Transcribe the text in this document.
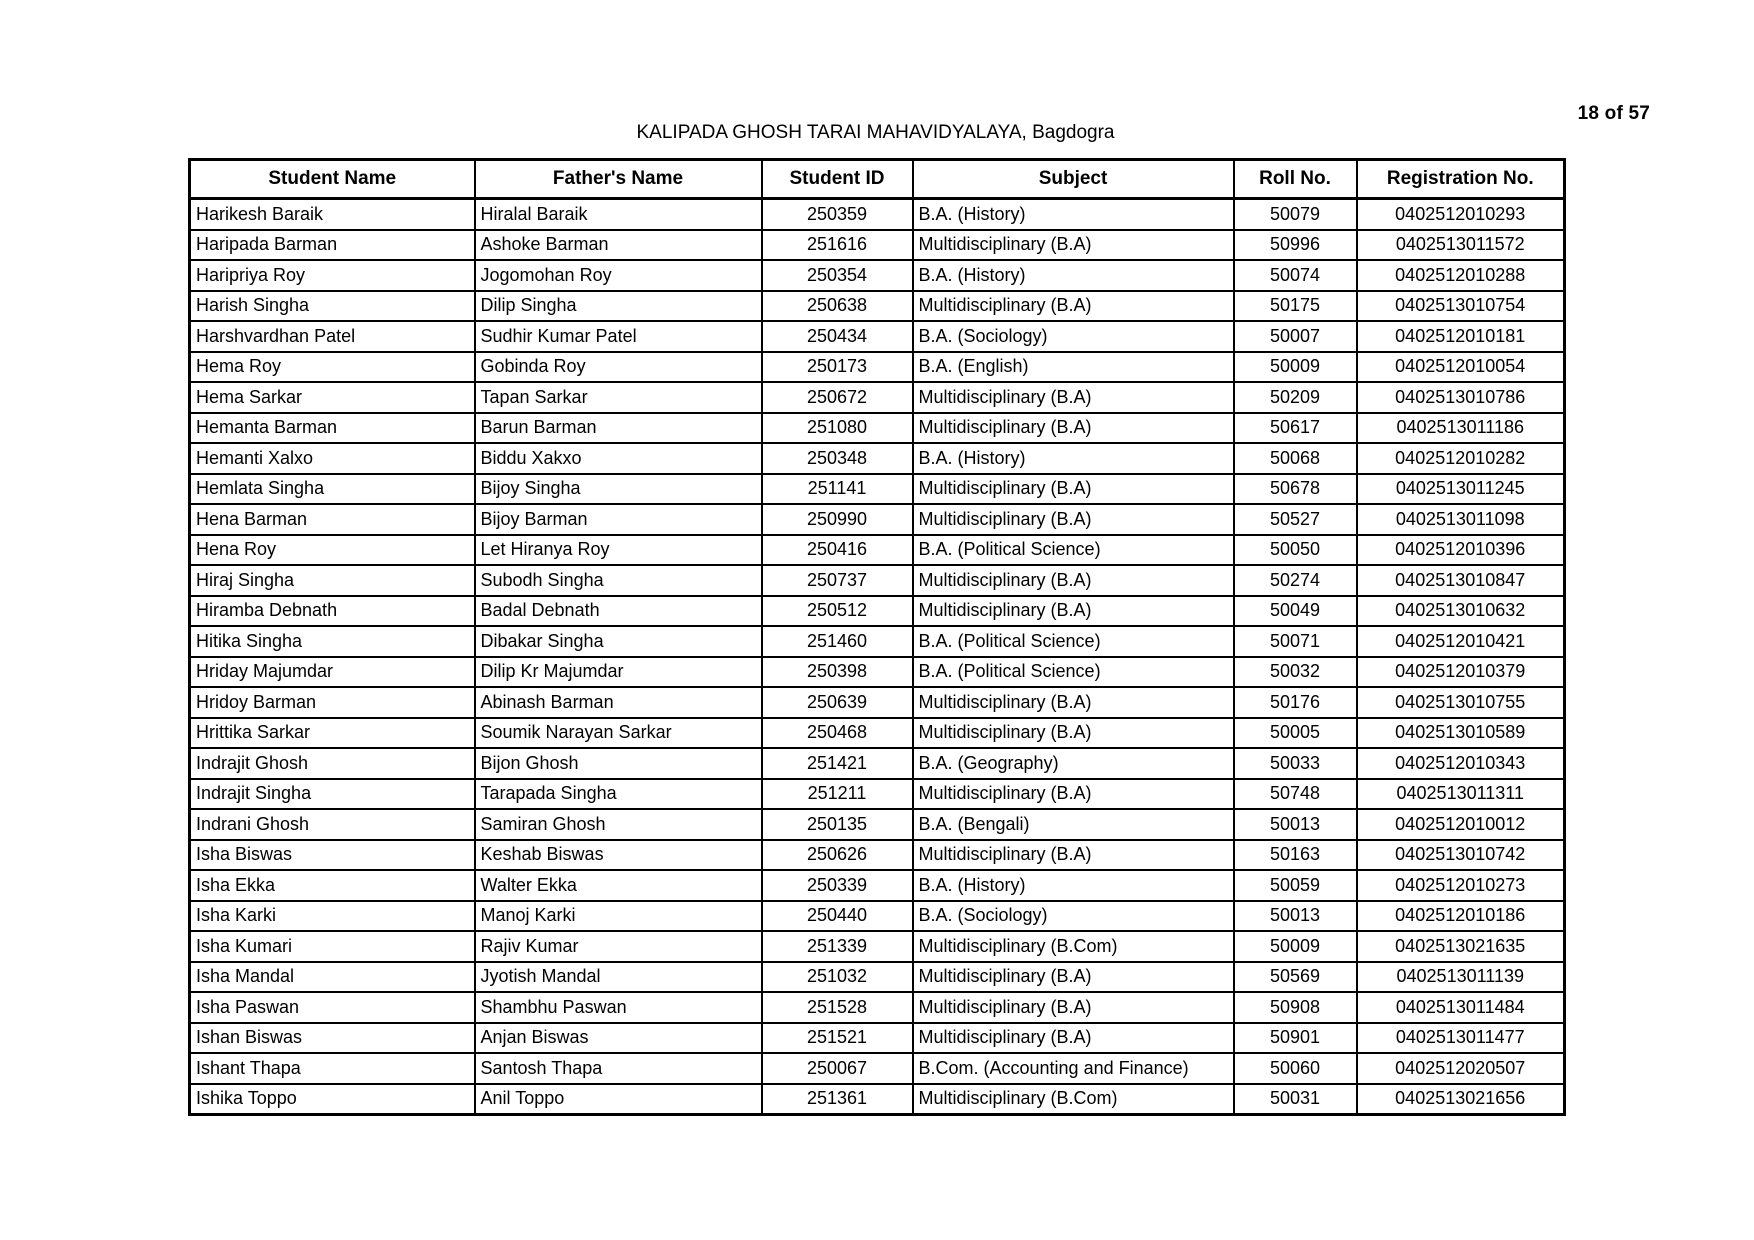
18 of 57
KALIPADA GHOSH TARAI MAHAVIDYALAYA, Bagdogra
Student Name	Father's Name	Student ID	Subject	Roll No.	Registration No.
Harikesh Baraik	Hiralal Baraik	250359	B.A. (History)	50079	0402512010293
Haripada Barman	Ashoke Barman	251616	Multidisciplinary (B.A)	50996	0402513011572
Haripriya Roy	Jogomohan Roy	250354	B.A. (History)	50074	0402512010288
Harish Singha	Dilip Singha	250638	Multidisciplinary (B.A)	50175	0402513010754
Harshvardhan Patel	Sudhir Kumar Patel	250434	B.A. (Sociology)	50007	0402512010181
Hema Roy	Gobinda Roy	250173	B.A. (English)	50009	0402512010054
Hema Sarkar	Tapan Sarkar	250672	Multidisciplinary (B.A)	50209	0402513010786
Hemanta Barman	Barun Barman	251080	Multidisciplinary (B.A)	50617	0402513011186
Hemanti Xalxo	Biddu Xakxo	250348	B.A. (History)	50068	0402512010282
Hemlata Singha	Bijoy Singha	251141	Multidisciplinary (B.A)	50678	0402513011245
Hena Barman	Bijoy Barman	250990	Multidisciplinary (B.A)	50527	0402513011098
Hena Roy	Let Hiranya Roy	250416	B.A. (Political Science)	50050	0402512010396
Hiraj Singha	Subodh Singha	250737	Multidisciplinary (B.A)	50274	0402513010847
Hiramba Debnath	Badal Debnath	250512	Multidisciplinary (B.A)	50049	0402513010632
Hitika Singha	Dibakar Singha	251460	B.A. (Political Science)	50071	0402512010421
Hriday Majumdar	Dilip Kr Majumdar	250398	B.A. (Political Science)	50032	0402512010379
Hridoy Barman	Abinash Barman	250639	Multidisciplinary (B.A)	50176	0402513010755
Hrittika Sarkar	Soumik Narayan Sarkar	250468	Multidisciplinary (B.A)	50005	0402513010589
Indrajit Ghosh	Bijon Ghosh	251421	B.A. (Geography)	50033	0402512010343
Indrajit Singha	Tarapada Singha	251211	Multidisciplinary (B.A)	50748	0402513011311
Indrani Ghosh	Samiran Ghosh	250135	B.A. (Bengali)	50013	0402512010012
Isha Biswas	Keshab Biswas	250626	Multidisciplinary (B.A)	50163	0402513010742
Isha Ekka	Walter Ekka	250339	B.A. (History)	50059	0402512010273
Isha Karki	Manoj Karki	250440	B.A. (Sociology)	50013	0402512010186
Isha Kumari	Rajiv Kumar	251339	Multidisciplinary (B.Com)	50009	0402513021635
Isha Mandal	Jyotish Mandal	251032	Multidisciplinary (B.A)	50569	0402513011139
Isha Paswan	Shambhu Paswan	251528	Multidisciplinary (B.A)	50908	0402513011484
Ishan Biswas	Anjan Biswas	251521	Multidisciplinary (B.A)	50901	0402513011477
Ishant Thapa	Santosh Thapa	250067	B.Com. (Accounting and Finance)	50060	0402512020507
Ishika Toppo	Anil Toppo	251361	Multidisciplinary (B.Com)	50031	0402513021656
